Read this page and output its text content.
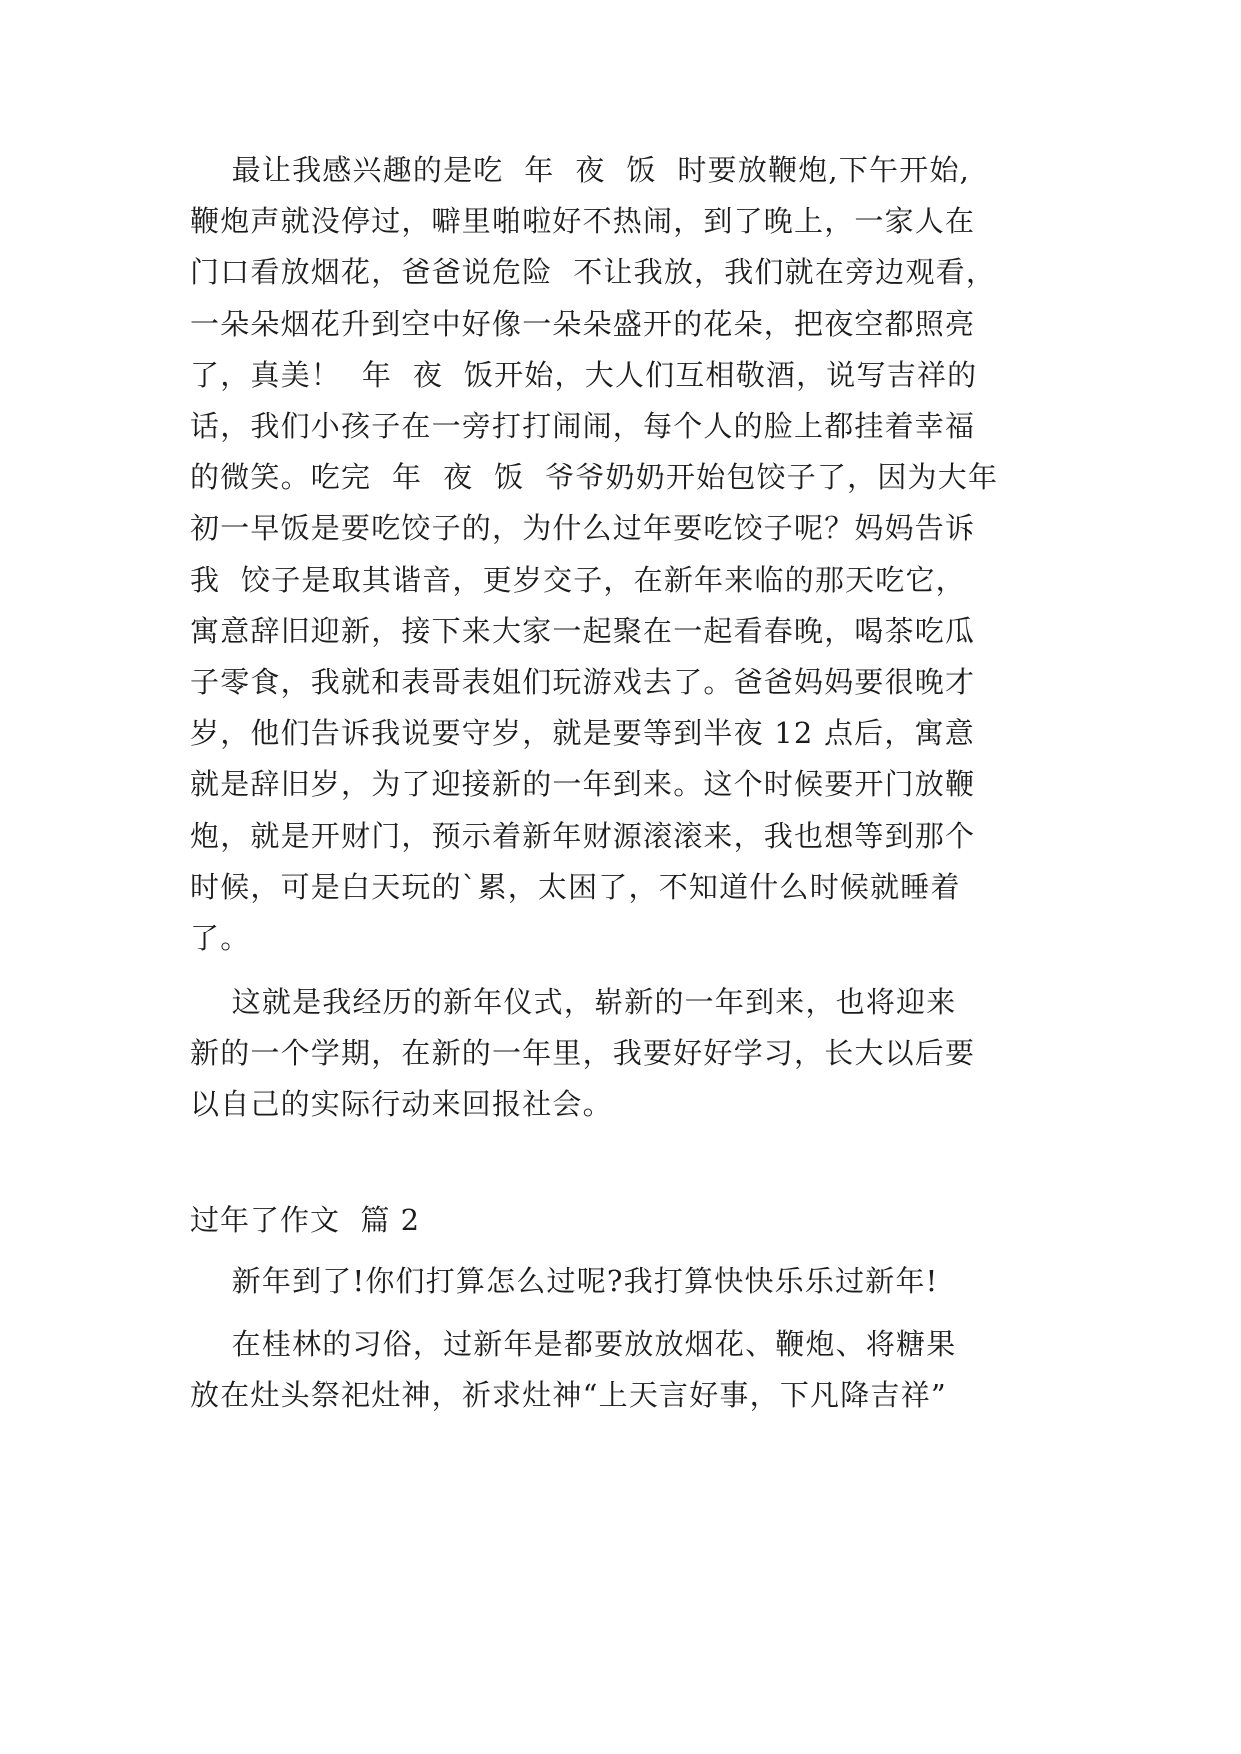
最让我感兴趣的是吃  年  夜  饭  时要放鞭炮,下午开始,
鞭炮声就没停过，噼里啪啦好不热闹，到了晚上，一家人在
门口看放烟花，爸爸说危险  不让我放，我们就在旁边观看，
一朵朵烟花升到空中好像一朵朵盛开的花朵，把夜空都照亮
了，真美！  年  夜  饭开始，大人们互相敬酒，说写吉祥的
话，我们小孩子在一旁打打闹闹，每个人的脸上都挂着幸福
的微笑。吃完  年  夜  饭  爷爷奶奶开始包饺子了，因为大年
初一早饭是要吃饺子的，为什么过年要吃饺子呢？妈妈告诉
我  饺子是取其谐音，更岁交子，在新年来临的那天吃它，
寓意辞旧迎新，接下来大家一起聚在一起看春晚，喝茶吃瓜
子零食，我就和表哥表姐们玩游戏去了。爸爸妈妈要很晚才
岁，他们告诉我说要守岁，就是要等到半夜 12 点后，寓意
就是辞旧岁，为了迎接新的一年到来。这个时候要开门放鞭
炮，就是开财门，预示着新年财源滚滚来，我也想等到那个
时候，可是白天玩的`累，太困了，不知道什么时候就睡着
了。
这就是我经历的新年仪式，崭新的一年到来，也将迎来
新的一个学期，在新的一年里，我要好好学习，长大以后要
以自己的实际行动来回报社会。
过年了作文  篇 2
新年到了!你们打算怎么过呢?我打算快快乐乐过新年!
在桂林的习俗，过新年是都要放放烟花、鞭炮、将糖果
放在灶头祭祀灶神，祈求灶神“上天言好事，下凡降吉祥”
